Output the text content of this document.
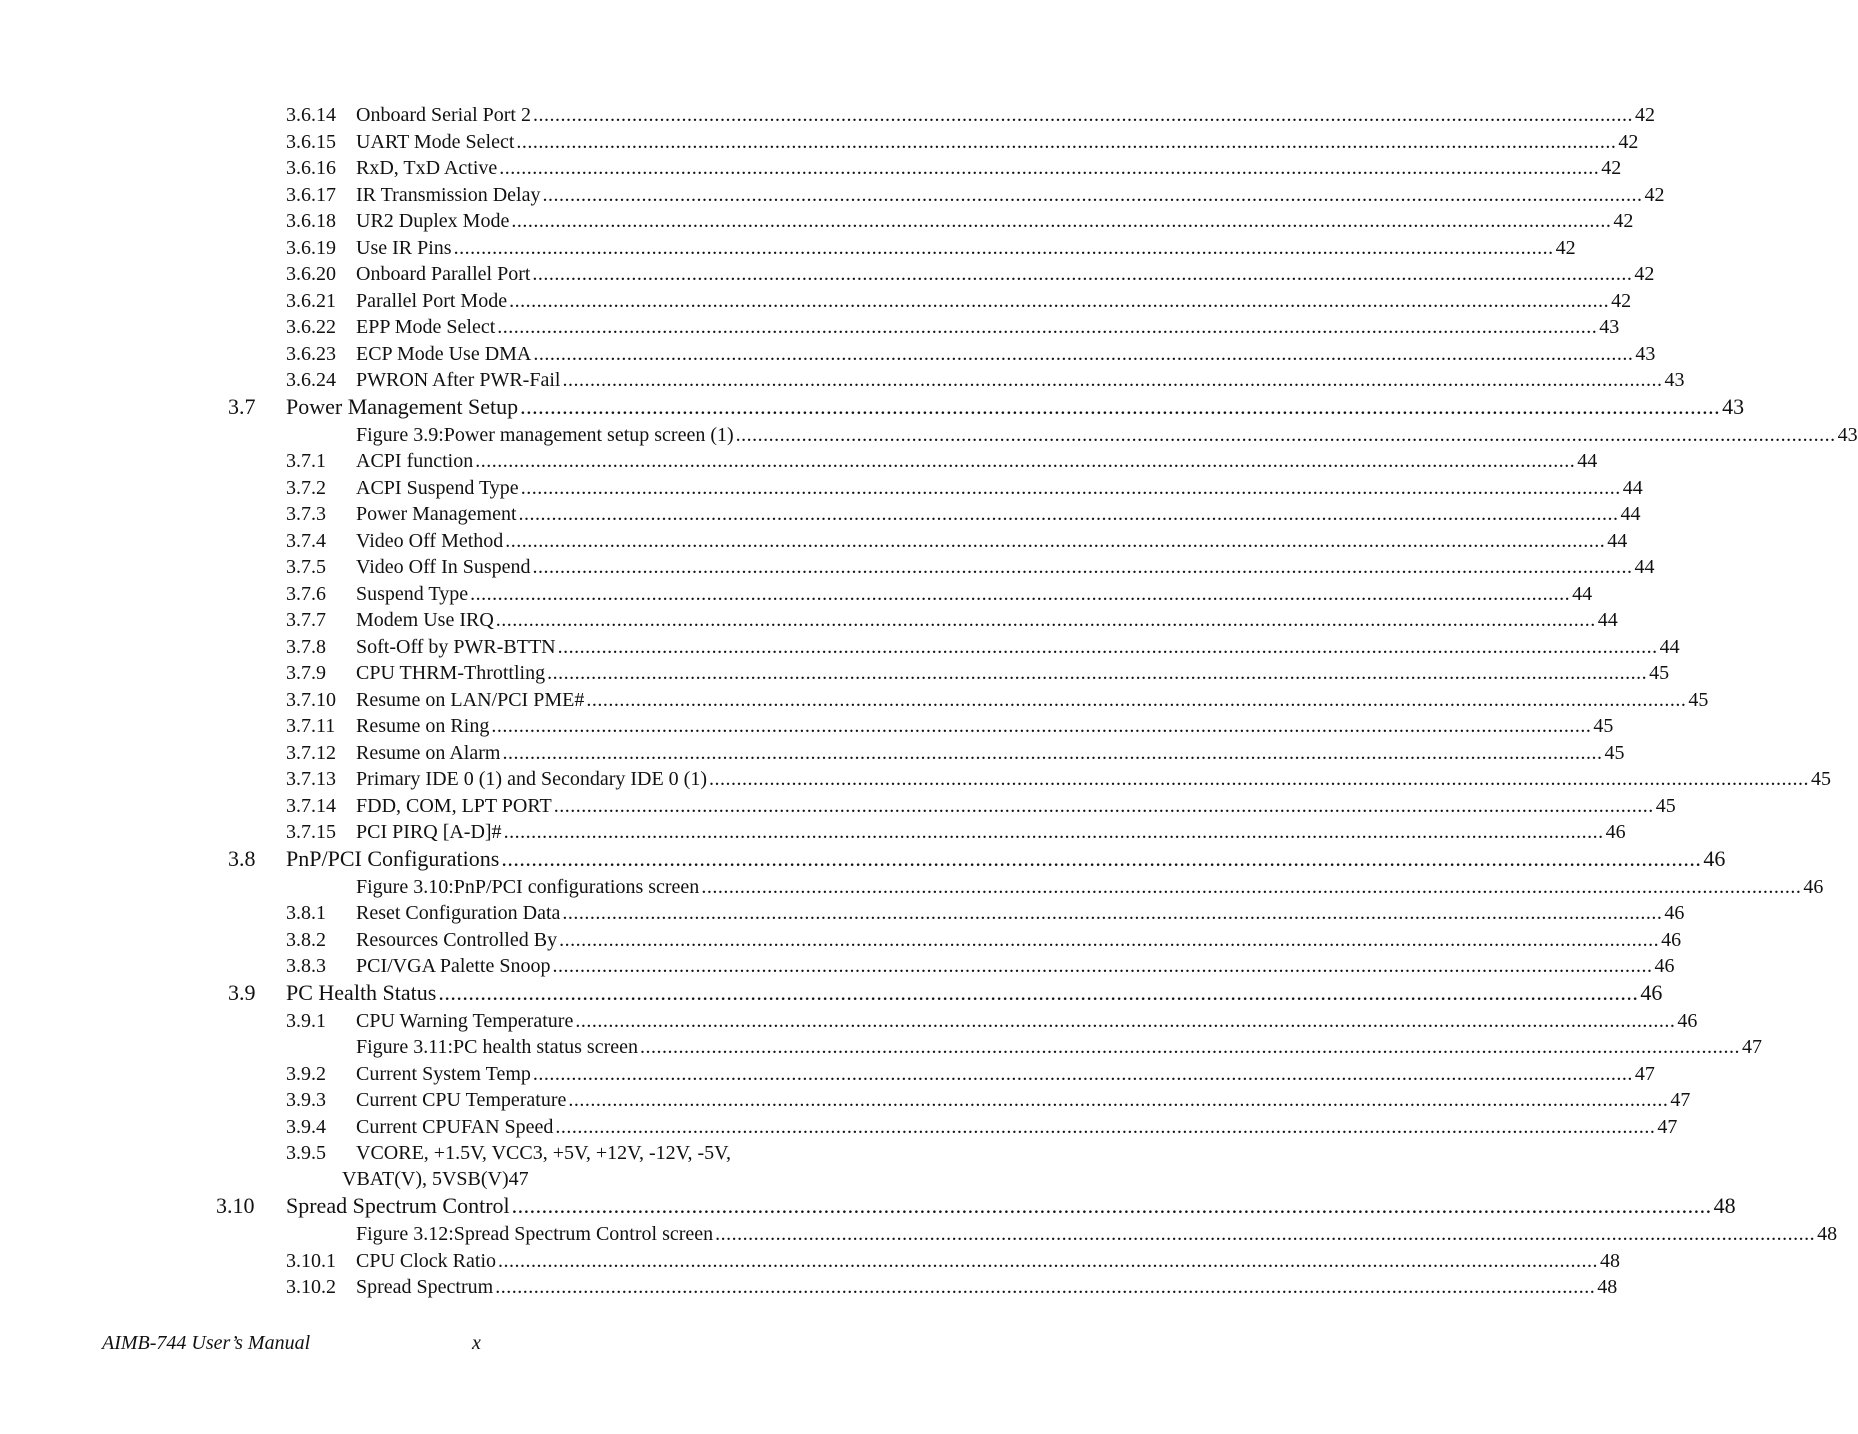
3.6.14 Onboard Serial Port 2 ........................................................................................................................................................................................................ 42
3.6.15 UART Mode Select ........................................................................................................................................................................................................ 42
3.6.16 RxD, TxD Active ........................................................................................................................................................................................................ 42
3.6.17 IR Transmission Delay ........................................................................................................................................................................................................ 42
3.6.18 UR2 Duplex Mode ........................................................................................................................................................................................................ 42
3.6.19 Use IR Pins ........................................................................................................................................................................................................ 42
3.6.20 Onboard Parallel Port ........................................................................................................................................................................................................ 42
3.6.21 Parallel Port Mode ........................................................................................................................................................................................................ 42
3.6.22 EPP Mode Select ........................................................................................................................................................................................................ 43
3.6.23 ECP Mode Use DMA ........................................................................................................................................................................................................ 43
3.6.24 PWRON After PWR-Fail ........................................................................................................................................................................................................ 43
3.7 Power Management Setup ........................................................................................................................................................................................................ 43
Figure 3.9:Power management setup screen (1) ........................................................................................................................................................................................................ 43
3.7.1 ACPI function ........................................................................................................................................................................................................ 44
3.7.2 ACPI Suspend Type ........................................................................................................................................................................................................ 44
3.7.3 Power Management ........................................................................................................................................................................................................ 44
3.7.4 Video Off Method ........................................................................................................................................................................................................ 44
3.7.5 Video Off In Suspend ........................................................................................................................................................................................................ 44
3.7.6 Suspend Type ........................................................................................................................................................................................................ 44
3.7.7 Modem Use IRQ ........................................................................................................................................................................................................ 44
3.7.8 Soft-Off by PWR-BTTN ........................................................................................................................................................................................................ 44
3.7.9 CPU THRM-Throttling ........................................................................................................................................................................................................ 45
3.7.10 Resume on LAN/PCI PME# ........................................................................................................................................................................................................ 45
3.7.11 Resume on Ring ........................................................................................................................................................................................................ 45
3.7.12 Resume on Alarm ........................................................................................................................................................................................................ 45
3.7.13 Primary IDE 0 (1) and Secondary IDE 0 (1) ........................................................................................................................................................................................................ 45
3.7.14 FDD, COM, LPT PORT ........................................................................................................................................................................................................ 45
3.7.15 PCI PIRQ [A-D]# ........................................................................................................................................................................................................ 46
3.8 PnP/PCI Configurations ........................................................................................................................................................................................................ 46
Figure 3.10:PnP/PCI configurations screen ........................................................................................................................................................................................................ 46
3.8.1 Reset Configuration Data ........................................................................................................................................................................................................ 46
3.8.2 Resources Controlled By ........................................................................................................................................................................................................ 46
3.8.3 PCI/VGA Palette Snoop ........................................................................................................................................................................................................ 46
3.9 PC Health Status ........................................................................................................................................................................................................ 46
3.9.1 CPU Warning Temperature ........................................................................................................................................................................................................ 46
Figure 3.11:PC health status screen ........................................................................................................................................................................................................ 47
3.9.2 Current System Temp ........................................................................................................................................................................................................ 47
3.9.3 Current CPU Temperature ........................................................................................................................................................................................................ 47
3.9.4 Current CPUFAN Speed ........................................................................................................................................................................................................ 47
3.9.5 VCORE, +1.5V, VCC3, +5V, +12V, -12V, -5V,
VBAT(V), 5VSB(V)47
3.10 Spread Spectrum Control ........................................................................................................................................................................................................ 48
Figure 3.12:Spread Spectrum Control screen ........................................................................................................................................................................................................ 48
3.10.1 CPU Clock Ratio ........................................................................................................................................................................................................ 48
3.10.2 Spread Spectrum ........................................................................................................................................................................................................ 48
AIMB-744 User’s Manual	x
